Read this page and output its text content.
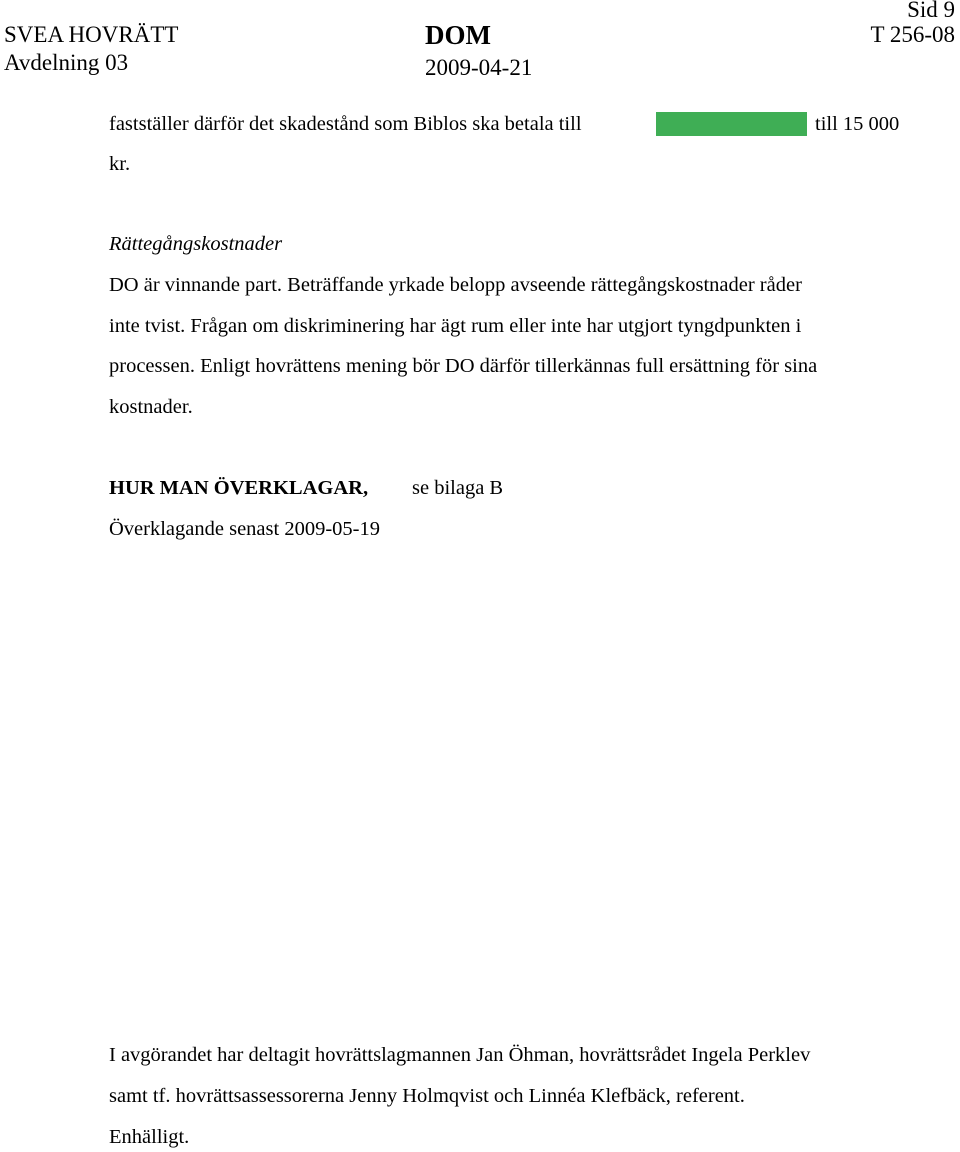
SVEA HOVRÄTT
Avdelning 03
DOM
2009-04-21
Sid 9
T 256-08
fastställer därför det skadestånd som Biblos ska betala till	till 15 000
kr.
Rättegångskostnader
DO är vinnande part. Beträffande yrkade belopp avseende rättegångskostnader råder
inte tvist. Frågan om diskriminering har ägt rum eller inte har utgjort tyngdpunkten i
processen. Enligt hovrättens mening bör DO därför tillerkännas full ersättning för sina
kostnader.
HUR MAN ÖVERKLAGAR, se bilaga B
Överklagande senast 2009-05-19
I avgörandet har deltagit hovrättslagmannen Jan Öhman, hovrättsrådet Ingela Perklev
samt tf. hovrättsassessorerna Jenny Holmqvist och Linnéa Klefbäck, referent.
Enhälligt.
